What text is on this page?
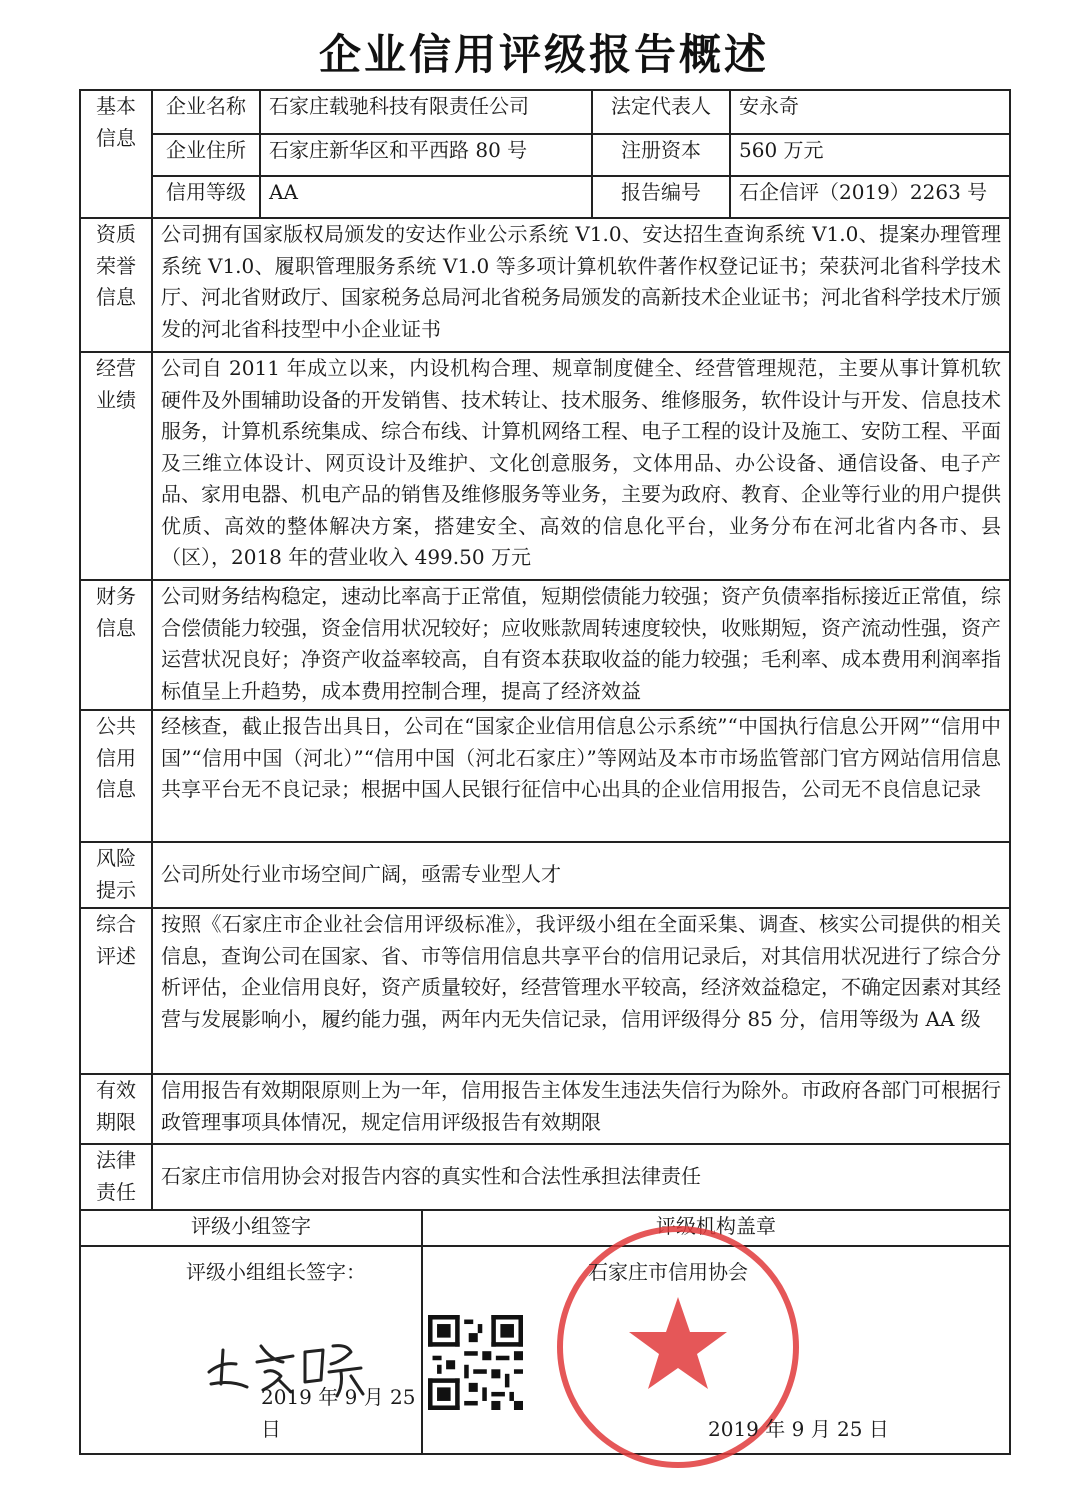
企业信用评级报告概述
基本信息	企业名称	石家庄载驰科技有限责任公司		法定代表人	安永奇
	企业住所	石家庄新华区和平西路 80 号		注册资本	560 万元
	信用等级	AA		报告编号	石企信评（2019）2263 号
资质荣誉信息	公司拥有国家版权局颁发的安达作业公示系统 V1.0、安达招生查询系统 V1.0、提案办理管理系统 V1.0、履职管理服务系统 V1.0 等多项计算机软件著作权登记证书；荣获河北省科学技术厅、河北省财政厅、国家税务总局河北省税务局颁发的高新技术企业证书；河北省科学技术厅颁发的河北省科技型中小企业证书				
经营业绩	公司自 2011 年成立以来，内设机构合理、规章制度健全、经营管理规范，主要从事计算机软硬件及外围辅助设备的开发销售、技术转让、技术服务、维修服务，软件设计与开发、信息技术服务，计算机系统集成、综合布线、计算机网络工程、电子工程的设计及施工、安防工程、平面及三维立体设计、网页设计及维护、文化创意服务，文体用品、办公设备、通信设备、电子产品、家用电器、机电产品的销售及维修服务等业务，主要为政府、教育、企业等行业的用户提供优质、高效的整体解决方案，搭建安全、高效的信息化平台，业务分布在河北省内各市、县（区），2018 年的营业收入 499.50 万元				
财务信息	公司财务结构稳定，速动比率高于正常值，短期偿债能力较强；资产负债率指标接近正常值，综合偿债能力较强，资金信用状况较好；应收账款周转速度较快，收账期短，资产流动性强，资产运营状况良好；净资产收益率较高，自有资本获取收益的能力较强；毛利率、成本费用利润率指标值呈上升趋势，成本费用控制合理，提高了经济效益				
公共信用信息	经核查，截止报告出具日，公司在“国家企业信用信息公示系统”“中国执行信息公开网”“信用中国”“信用中国（河北）”“信用中国（河北石家庄）”等网站及本市市场监管部门官方网站信用信息共享平台无不良记录；根据中国人民银行征信中心出具的企业信用报告，公司无不良信息记录				
风险提示	公司所处行业市场空间广阔，亟需专业型人才				
综合评述	按照《石家庄市企业社会信用评级标准》，我评级小组在全面采集、调查、核实公司提供的相关信息，查询公司在国家、省、市等信用信息共享平台的信用记录后，对其信用状况进行了综合分析评估，企业信用良好，资产质量较好，经营管理水平较高，经济效益稳定，不确定因素对其经营与发展影响小，履约能力强，两年内无失信记录，信用评级得分 85 分，信用等级为 AA 级				
有效期限	信用报告有效期限原则上为一年，信用报告主体发生违法失信行为除外。市政府各部门可根据行政管理事项具体情况，规定信用评级报告有效期限				
法律责任	石家庄市信用协会对报告内容的真实性和合法性承担法律责任				
评级小组签字			评级机构盖章		

评级小组组长签字：
2019 年 9 月 25 日			石家庄市信用协会
2019 年 9 月 25 日		
